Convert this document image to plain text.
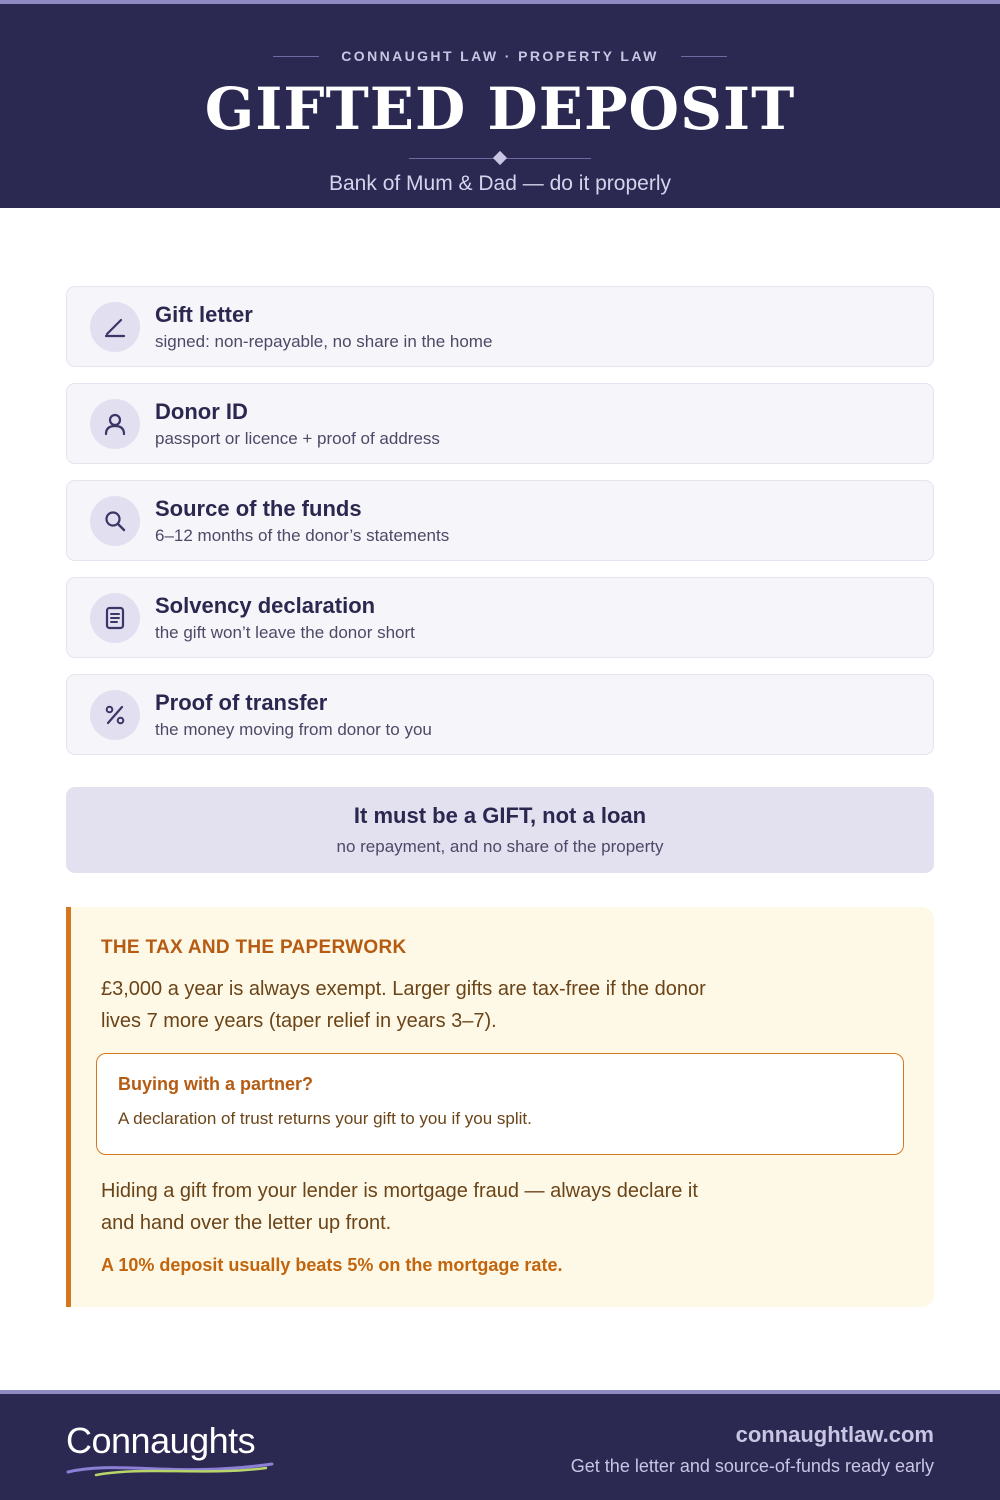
CONNAUGHT LAW · PROPERTY LAW
GIFTED DEPOSIT
Bank of Mum & Dad — do it properly
Gift letter
signed: non-repayable, no share in the home
Donor ID
passport or licence + proof of address
Source of the funds
6–12 months of the donor’s statements
Solvency declaration
the gift won’t leave the donor short
Proof of transfer
the money moving from donor to you
It must be a GIFT, not a loan
no repayment, and no share of the property
THE TAX AND THE PAPERWORK
£3,000 a year is always exempt. Larger gifts are tax-free if the donor lives 7 more years (taper relief in years 3–7).
Buying with a partner?
A declaration of trust returns your gift to you if you split.
Hiding a gift from your lender is mortgage fraud — always declare it and hand over the letter up front.
A 10% deposit usually beats 5% on the mortgage rate.
Connaughts	connaughtlaw.com
Get the letter and source-of-funds ready early
